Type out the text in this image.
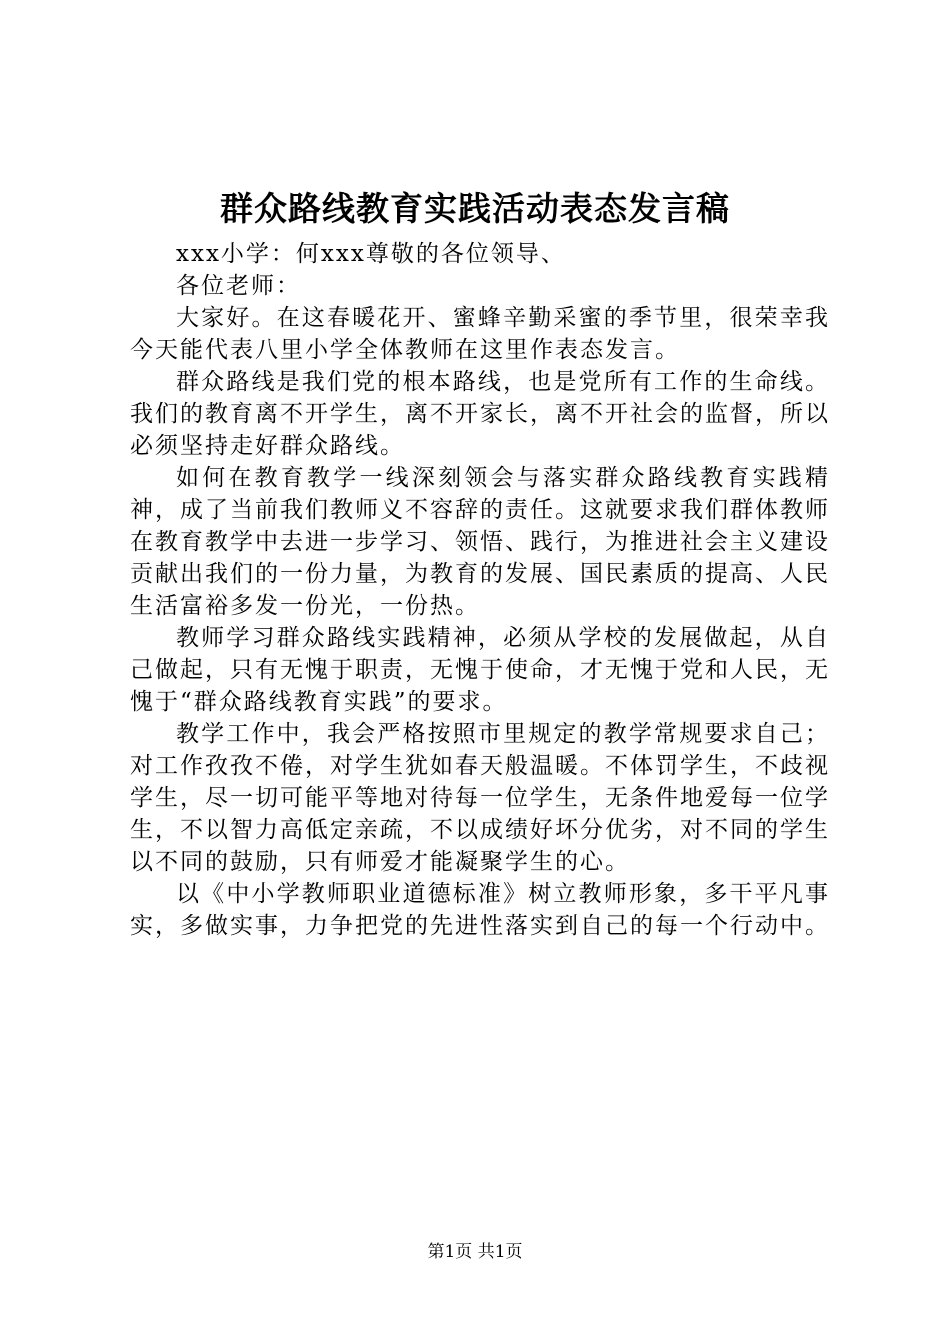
群众路线教育实践活动表态发言稿

xxx小学：何xxx尊敬的各位领导、

各位老师：

大家好。在这春暖花开、蜜蜂辛勤采蜜的季节里，很荣幸我今天能代表八里小学全体教师在这里作表态发言。

群众路线是我们党的根本路线，也是党所有工作的生命线。我们的教育离不开学生，离不开家长，离不开社会的监督，所以必须坚持走好群众路线。

如何在教育教学一线深刻领会与落实群众路线教育实践精神，成了当前我们教师义不容辞的责任。这就要求我们群体教师在教育教学中去进一步学习、领悟、践行，为推进社会主义建设贡献出我们的一份力量，为教育的发展、国民素质的提高、人民生活富裕多发一份光，一份热。

教师学习群众路线实践精神，必须从学校的发展做起，从自己做起，只有无愧于职责，无愧于使命，才无愧于党和人民，无愧于“群众路线教育实践”的要求。

教学工作中，我会严格按照市里规定的教学常规要求自己；对工作孜孜不倦，对学生犹如春天般温暖。不体罚学生，不歧视学生，尽一切可能平等地对待每一位学生，无条件地爱每一位学生，不以智力高低定亲疏，不以成绩好坏分优劣，对不同的学生以不同的鼓励，只有师爱才能凝聚学生的心。

以《中小学教师职业道德标准》树立教师形象，多干平凡事实，多做实事，力争把党的先进性落实到自己的每一个行动中。

第1页 共1页
